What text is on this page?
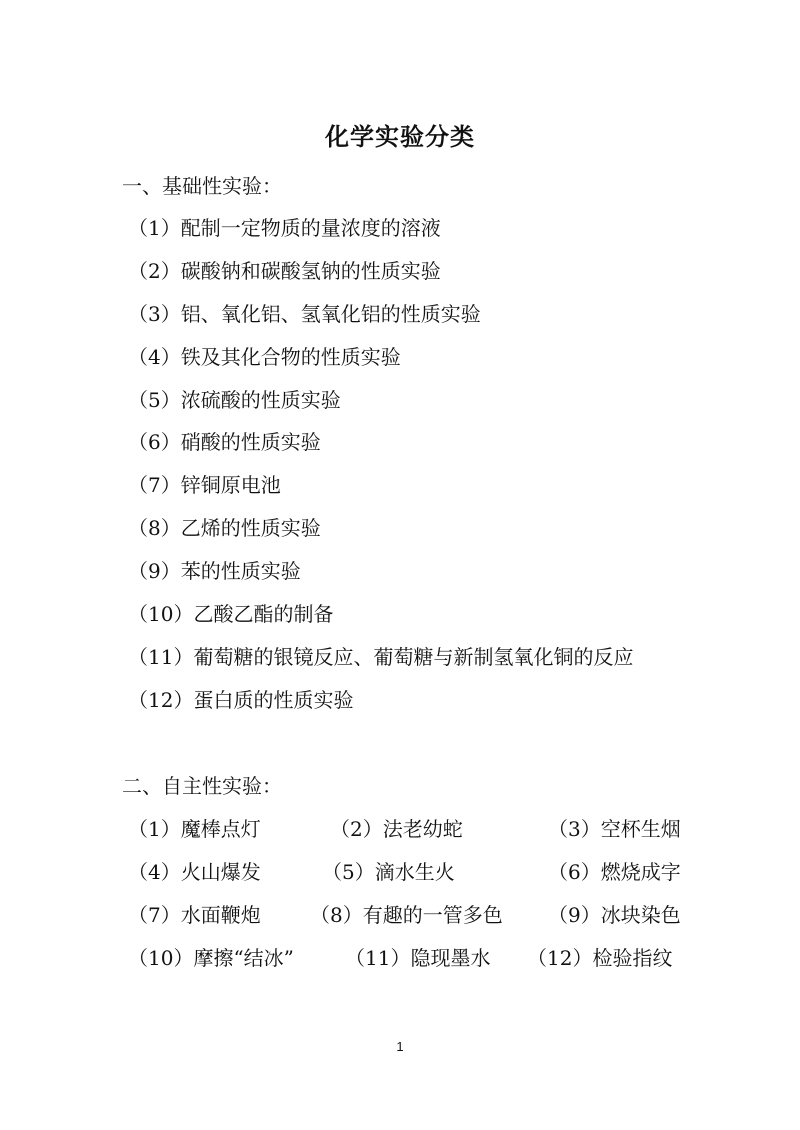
化学实验分类
一、基础性实验：
（1）配制一定物质的量浓度的溶液
（2）碳酸钠和碳酸氢钠的性质实验
（3）铝、氧化铝、氢氧化铝的性质实验
（4）铁及其化合物的性质实验
（5）浓硫酸的性质实验
（6）硝酸的性质实验
（7）锌铜原电池
（8）乙烯的性质实验
（9）苯的性质实验
（10）乙酸乙酯的制备
（11）葡萄糖的银镜反应、葡萄糖与新制氢氧化铜的反应
（12）蛋白质的性质实验
二、自主性实验：
（1）魔棒点灯	（2）法老幼蛇	（3）空杯生烟
（4）火山爆发	（5）滴水生火	（6）燃烧成字
（7）水面鞭炮 （8）有趣的一管多色 （9）冰块染色
（10）摩擦“结冰”	（11）隐现墨水 （12）检验指纹
1
